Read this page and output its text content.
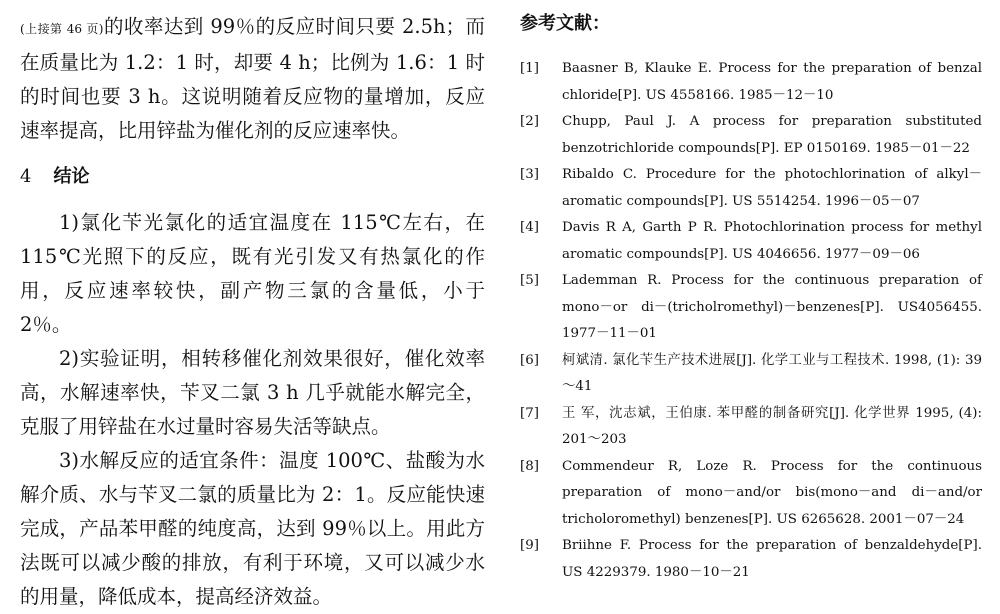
(上接第 46 页)的收率达到 99％的反应时间只要 2.5h；而在质量比为 1.2：1 时，却要 4 h；比例为 1.6：1 时的时间也要 3 h。这说明随着反应物的量增加，反应速率提高，比用锌盐为催化剂的反应速率快。

4 结论

1)氯化苄光氯化的适宜温度在 115℃左右，在 115℃光照下的反应，既有光引发又有热氯化的作用，反应速率较快，副产物三氯的含量低，小于 2％。

2)实验证明，相转移催化剂效果很好，催化效率高，水解速率快，苄叉二氯 3 h 几乎就能水解完全，克服了用锌盐在水过量时容易失活等缺点。

3)水解反应的适宜条件：温度 100℃、盐酸为水解介质、水与苄叉二氯的质量比为 2：1。反应能快速完成，产品苯甲醛的纯度高，达到 99％以上。用此方法既可以减少酸的排放，有利于环境，又可以减少水的用量，降低成本，提高经济效益。

参考文献：
[1]	Baasner B, Klauke E. Process for the preparation of benzal chloride[P]. US 4558166. 1985－12－10
[2]	Chupp, Paul J. A process for preparation substituted benzotrichloride compounds[P]. EP 0150169. 1985－01－22
[3]	Ribaldo C. Procedure for the photochlorination of alkyl－aromatic compounds[P]. US 5514254. 1996－05－07
[4]	Davis R A, Garth P R. Photochlorination process for methyl aromatic compounds[P]. US 4046656. 1977－09－06
[5]	Lademman R. Process for the continuous preparation of mono－or di－(tricholromethyl)－benzenes[P]. US4056455. 1977－11－01
[6]	柯斌清. 氯化苄生产技术进展[J]. 化学工业与工程技术. 1998, (1): 39～41
[7]	王 军，沈志斌，王伯康. 苯甲醛的制备研究[J]. 化学世界 1995, (4): 201～203
[8]	Commendeur R, Loze R. Process for the continuous preparation of mono－and/or bis(mono－and di－and/or tricholoromethyl) benzenes[P]. US 6265628. 2001－07－24
[9]	Briihne F. Process for the preparation of benzaldehyde[P]. US 4229379. 1980－10－21
